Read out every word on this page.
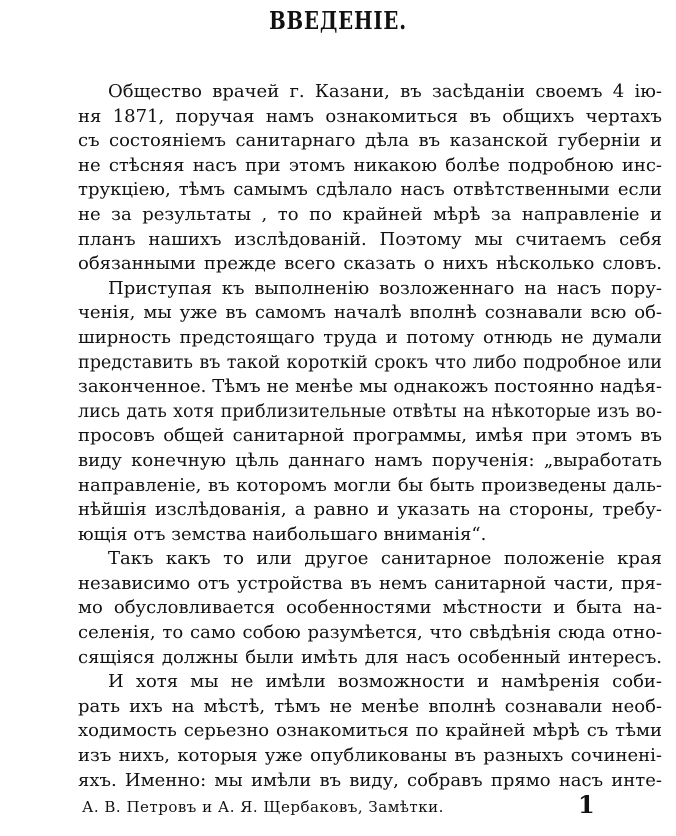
ВВЕДЕНІЕ.
Общество врачей г. Казани, въ засѣданіи своемъ 4 ію-
ня 1871, поручая намъ ознакомиться въ общихъ чертахъ
съ состояніемъ санитарнаго дѣла въ казанской губерніи и
не стѣсняя насъ при этомъ никакою болѣе подробною инс-
трукціею, тѣмъ самымъ сдѣлало насъ отвѣтственными если
не за результаты , то по крайней мѣрѣ за направленіе и
планъ нашихъ изслѣдованій. Поэтому мы считаемъ себя
обязанными прежде всего сказать о нихъ нѣсколько словъ.
Приступая къ выполненію возложеннаго на насъ пору-
ченія, мы уже въ самомъ началѣ вполнѣ сознавали всю об-
ширность предстоящаго труда и потому отнюдь не думали
представить въ такой короткій срокъ что либо подробное или
законченное. Тѣмъ не менѣе мы однакожъ постоянно надѣя-
лись дать хотя приблизительные отвѣты на нѣкоторые изъ во-
просовъ общей санитарной программы, имѣя при этомъ въ
виду конечную цѣль даннаго намъ порученія: „выработать
направленіе, въ которомъ могли бы быть произведены даль-
нѣйшія изслѣдованія, а равно и указать на стороны, требу-
ющія отъ земства наибольшаго вниманія“.
Такъ какъ то или другое санитарное положеніе края
независимо отъ устройства въ немъ санитарной части, пря-
мо обусловливается особенностями мѣстности и быта на-
селенія, то само собою разумѣется, что свѣдѣнія сюда отно-
сящіяся должны были имѣть для насъ особенный интересъ.
И хотя мы не имѣли возможности и намѣренія соби-
рать ихъ на мѣстѣ, тѣмъ не менѣе вполнѣ сознавали необ-
ходимость серьезно ознакомиться по крайней мѣрѣ съ тѣми
изъ нихъ, которыя уже опубликованы въ разныхъ сочиненi-
яхъ. Именно: мы имѣли въ виду, собравъ прямо насъ инте-
А. В. Петровъ и А. Я. Щербаковъ, Замѣтки.	1
